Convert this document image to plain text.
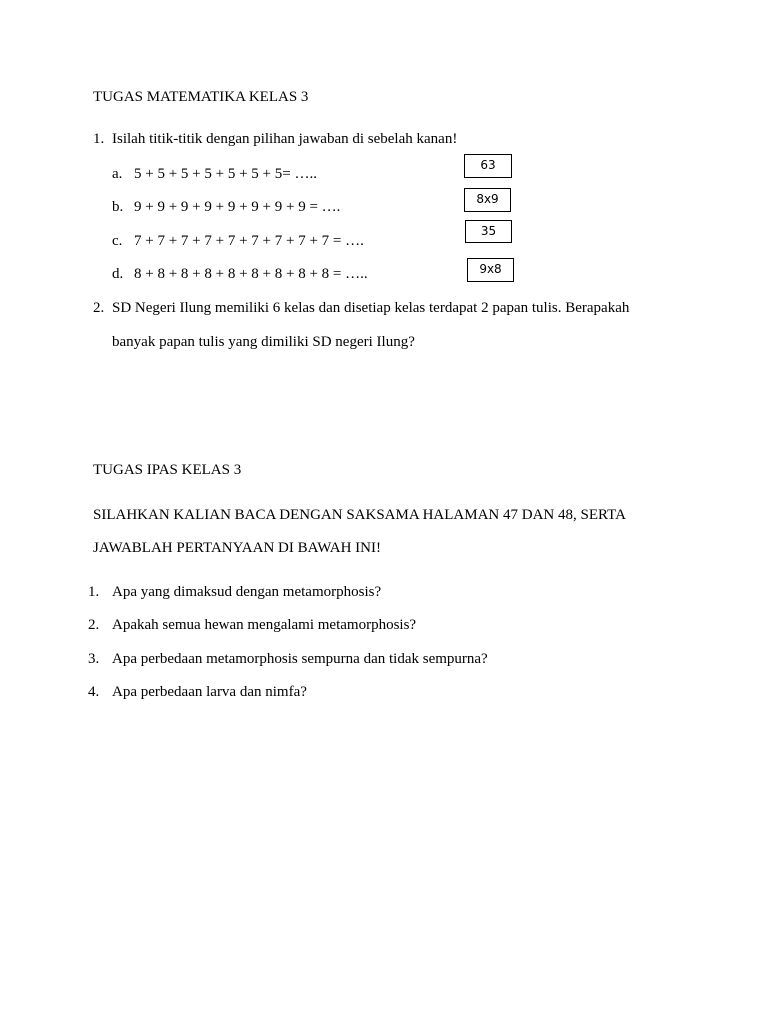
TUGAS MATEMATIKA KELAS 3
1. Isilah titik-titik dengan pilihan jawaban di sebelah kanan!
a. 5 + 5 + 5 + 5 + 5 + 5 + 5= …..
b. 9 + 9 + 9 + 9 + 9 + 9 + 9 + 9 = ….
c. 7 + 7 + 7 + 7 + 7 + 7 + 7 + 7 + 7 = ….
d. 8 + 8 + 8 + 8 + 8 + 8 + 8 + 8 + 8 = …..
63
8x9
35
9x8
2. SD Negeri Ilung memiliki 6 kelas dan disetiap kelas terdapat 2 papan tulis. Berapakah
banyak papan tulis yang dimiliki SD negeri Ilung?
TUGAS IPAS KELAS 3
SILAHKAN KALIAN BACA DENGAN SAKSAMA HALAMAN 47 DAN 48, SERTA
JAWABLAH PERTANYAAN DI BAWAH INI!
1. Apa yang dimaksud dengan metamorphosis?
2. Apakah semua hewan mengalami metamorphosis?
3. Apa perbedaan metamorphosis sempurna dan tidak sempurna?
4. Apa perbedaan larva dan nimfa?
